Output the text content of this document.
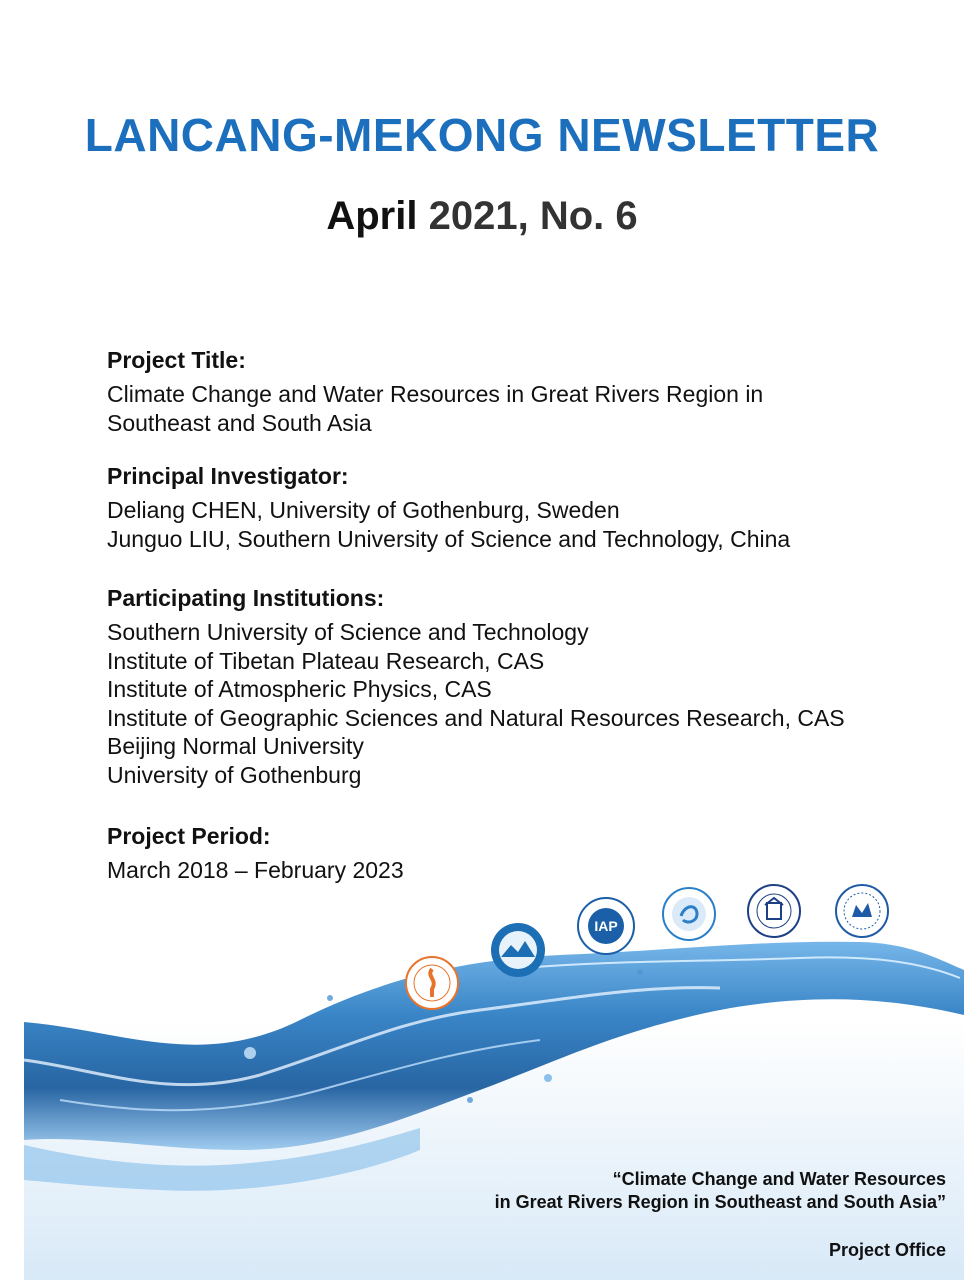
LANCANG-MEKONG NEWSLETTER
April 2021, No. 6
Project Title:
Climate Change and Water Resources in Great Rivers Region in
Southeast and South Asia
Principal Investigator:
Deliang CHEN, University of Gothenburg, Sweden
Junguo LIU, Southern University of Science and Technology, China
Participating Institutions:
Southern University of Science and Technology
Institute of Tibetan Plateau Research, CAS
Institute of Atmospheric Physics, CAS
Institute of Geographic Sciences and Natural Resources Research, CAS
Beijing Normal University
University of Gothenburg
Project Period:
March 2018 – February 2023
IAP
“Climate Change and Water Resources
in Great Rivers Region in Southeast and South Asia”
Project Office
